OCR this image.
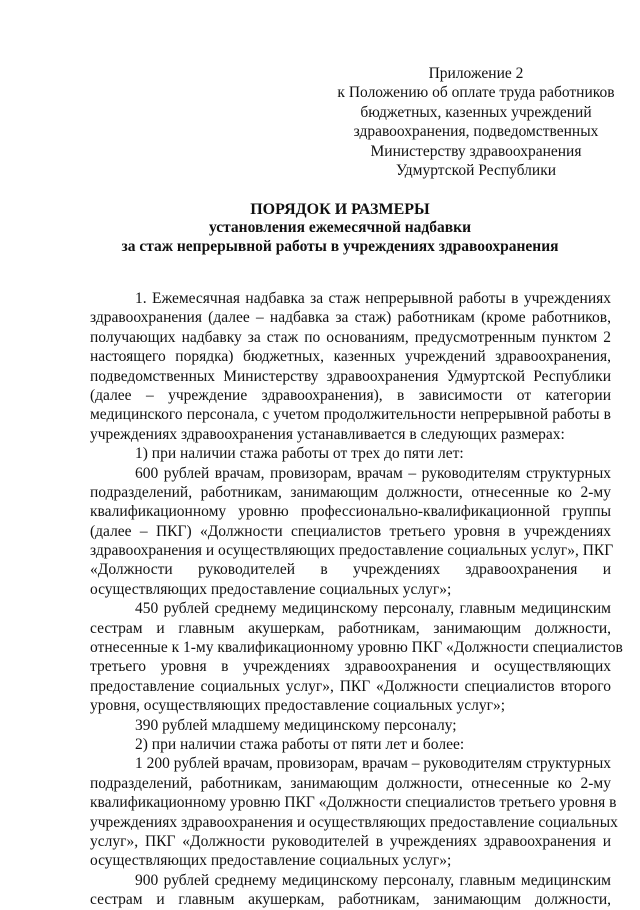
Приложение 2
к Положению об оплате труда работников
бюджетных, казенных учреждений
здравоохранения, подведомственных
Министерству здравоохранения
Удмуртской Республики
ПОРЯДОК И РАЗМЕРЫ
установления ежемесячной надбавки
за стаж непрерывной работы в учреждениях здравоохранения
1. Ежемесячная надбавка за стаж непрерывной работы в учреждениях
здравоохранения (далее – надбавка за стаж) работникам (кроме работников,
получающих надбавку за стаж по основаниям, предусмотренным пунктом 2
настоящего порядка) бюджетных, казенных учреждений здравоохранения,
подведомственных Министерству здравоохранения Удмуртской Республики
(далее – учреждение здравоохранения), в зависимости от категории
медицинского персонала, с учетом продолжительности непрерывной работы в
учреждениях здравоохранения устанавливается в следующих размерах:
1) при наличии стажа работы от трех до пяти лет:
600 рублей врачам, провизорам, врачам – руководителям структурных
подразделений, работникам, занимающим должности, отнесенные ко 2-му
квалификационному уровню профессионально-квалификационной группы
(далее – ПКГ) «Должности специалистов третьего уровня в учреждениях
здравоохранения и осуществляющих предоставление социальных услуг», ПКГ
«Должности руководителей в учреждениях здравоохранения и
осуществляющих предоставление социальных услуг»;
450 рублей среднему медицинскому персоналу, главным медицинским
сестрам и главным акушеркам, работникам, занимающим должности,
отнесенные к 1-му квалификационному уровню ПКГ «Должности специалистов
третьего уровня в учреждениях здравоохранения и осуществляющих
предоставление социальных услуг», ПКГ «Должности специалистов второго
уровня, осуществляющих предоставление социальных услуг»;
390 рублей младшему медицинскому персоналу;
2) при наличии стажа работы от пяти лет и более:
1 200 рублей врачам, провизорам, врачам – руководителям структурных
подразделений, работникам, занимающим должности, отнесенные ко 2-му
квалификационному уровню ПКГ «Должности специалистов третьего уровня в
учреждениях здравоохранения и осуществляющих предоставление социальных
услуг», ПКГ «Должности руководителей в учреждениях здравоохранения и
осуществляющих предоставление социальных услуг»;
900 рублей среднему медицинскому персоналу, главным медицинским
сестрам и главным акушеркам, работникам, занимающим должности,
